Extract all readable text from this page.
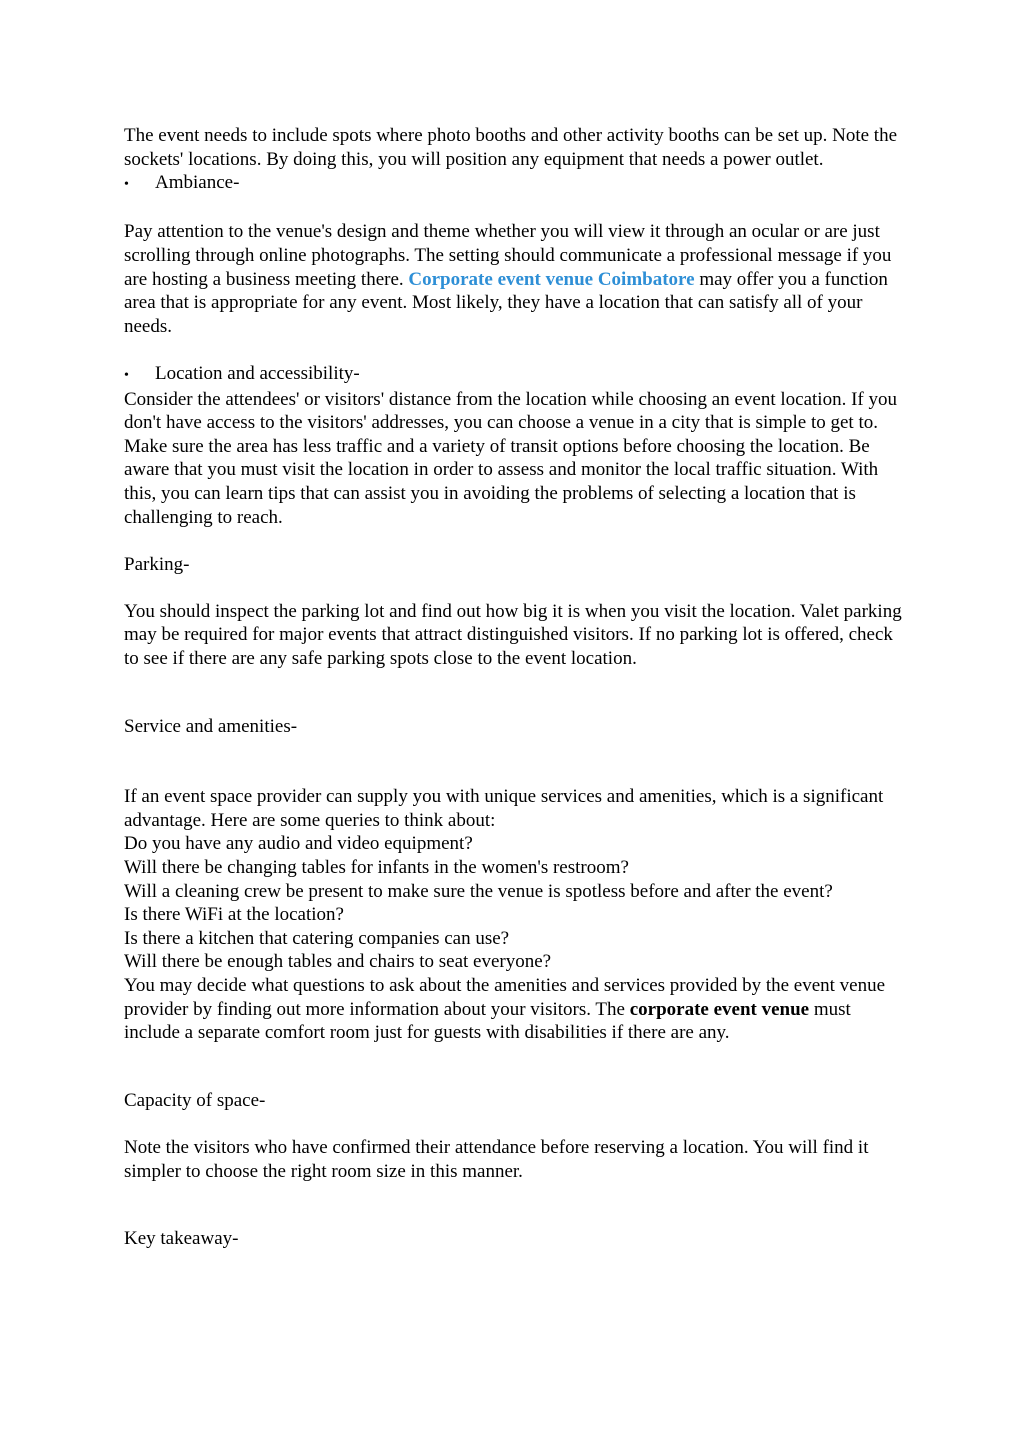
The event needs to include spots where photo booths and other activity booths can be set up. Note the sockets' locations. By doing this, you will position any equipment that needs a power outlet.

•	Ambiance-

Pay attention to the venue's design and theme whether you will view it through an ocular or are just scrolling through online photographs. The setting should communicate a professional message if you are hosting a business meeting there. Corporate event venue Coimbatore may offer you a function area that is appropriate for any event. Most likely, they have a location that can satisfy all of your needs.

•	Location and accessibility-

Consider the attendees' or visitors' distance from the location while choosing an event location. If you don't have access to the visitors' addresses, you can choose a venue in a city that is simple to get to.

Make sure the area has less traffic and a variety of transit options before choosing the location. Be aware that you must visit the location in order to assess and monitor the local traffic situation. With this, you can learn tips that can assist you in avoiding the problems of selecting a location that is challenging to reach.

Parking-

You should inspect the parking lot and find out how big it is when you visit the location. Valet parking may be required for major events that attract distinguished visitors. If no parking lot is offered, check to see if there are any safe parking spots close to the event location.

Service and amenities-

If an event space provider can supply you with unique services and amenities, which is a significant advantage. Here are some queries to think about:

Do you have any audio and video equipment?

Will there be changing tables for infants in the women's restroom?

Will a cleaning crew be present to make sure the venue is spotless before and after the event?

Is there WiFi at the location?

Is there a kitchen that catering companies can use?

Will there be enough tables and chairs to seat everyone?

You may decide what questions to ask about the amenities and services provided by the event venue provider by finding out more information about your visitors. The corporate event venue must include a separate comfort room just for guests with disabilities if there are any.

Capacity of space-

Note the visitors who have confirmed their attendance before reserving a location. You will find it simpler to choose the right room size in this manner.

Key takeaway-
